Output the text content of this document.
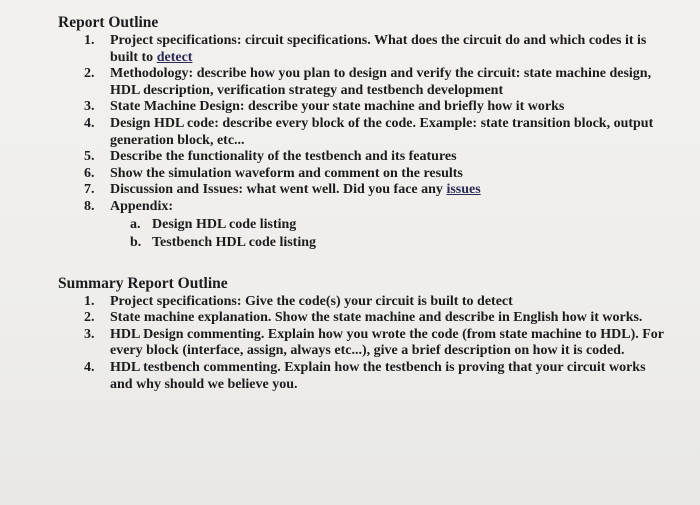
Report Outline
1.	Project specifications: circuit specifications. What does the circuit do and which codes it is built to detect
2.	Methodology: describe how you plan to design and verify the circuit: state machine design, HDL description, verification strategy and testbench development
3.	State Machine Design: describe your state machine and briefly how it works
4.	Design HDL code: describe every block of the code. Example: state transition block, output generation block, etc...
5.	Describe the functionality of the testbench and its features
6.	Show the simulation waveform and comment on the results
7.	Discussion and Issues: what went well. Did you face any issues
8.	Appendix:
a. Design HDL code listing
b. Testbench HDL code listing
Summary Report Outline
1.	Project specifications: Give the code(s) your circuit is built to detect
2.	State machine explanation. Show the state machine and describe in English how it works.
3.	HDL Design commenting. Explain how you wrote the code (from state machine to HDL). For every block (interface, assign, always etc...), give a brief description on how it is coded.
4.	HDL testbench commenting. Explain how the testbench is proving that your circuit works and why should we believe you.
